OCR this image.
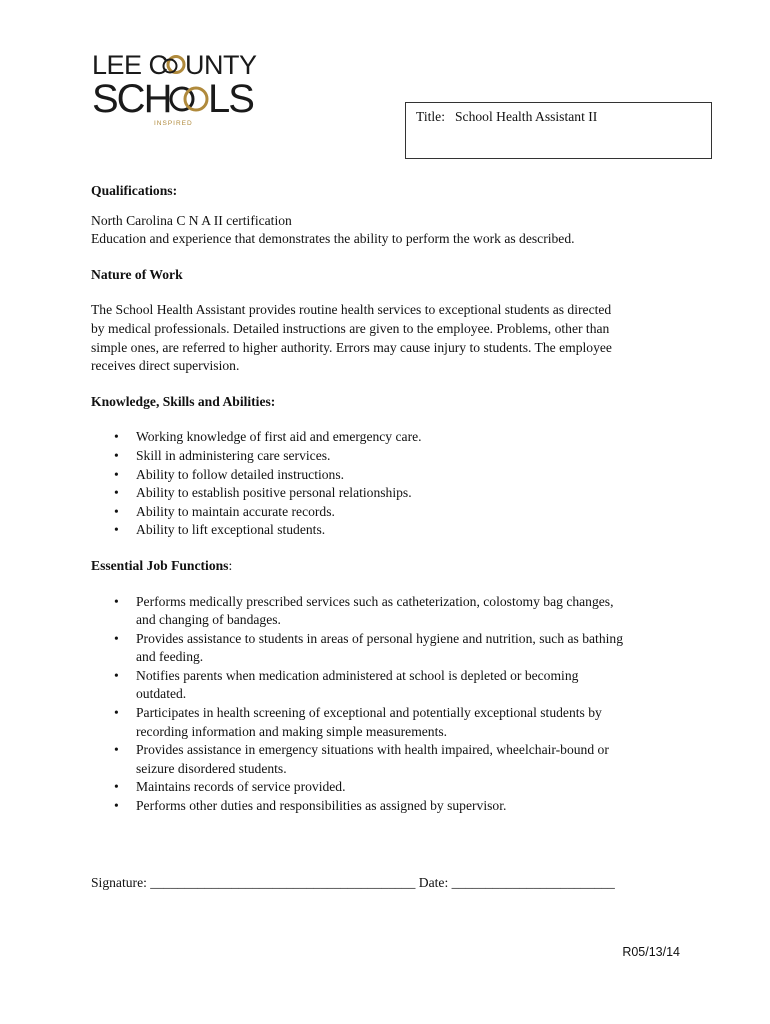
LEE C UNTY
SCH LS
INSPIRED	Title: School Health Assistant II
Qualifications:

North Carolina C N A II certification

Education and experience that demonstrates the ability to perform the work as described.

Nature of Work

The School Health Assistant provides routine health services to exceptional students as directed

by medical professionals. Detailed instructions are given to the employee. Problems, other than

simple ones, are referred to higher authority. Errors may cause injury to students. The employee

receives direct supervision.

Knowledge, Skills and Abilities:
• Working knowledge of first aid and emergency care.
• Skill in administering care services.
• Ability to follow detailed instructions.
• Ability to establish positive personal relationships.
• Ability to maintain accurate records.
• Ability to lift exceptional students.
Essential Job Functions:
• Performs medically prescribed services such as catheterization, colostomy bag changes,
and changing of bandages.
• Provides assistance to students in areas of personal hygiene and nutrition, such as bathing
and feeding.
• Notifies parents when medication administered at school is depleted or becoming
outdated.
• Participates in health screening of exceptional and potentially exceptional students by
recording information and making simple measurements.
• Provides assistance in emergency situations with health impaired, wheelchair-bound or
seizure disordered students.
• Maintains records of service provided.
• Performs other duties and responsibilities as assigned by supervisor.
Signature: _______________________________________ Date: ________________________
R05/13/14
